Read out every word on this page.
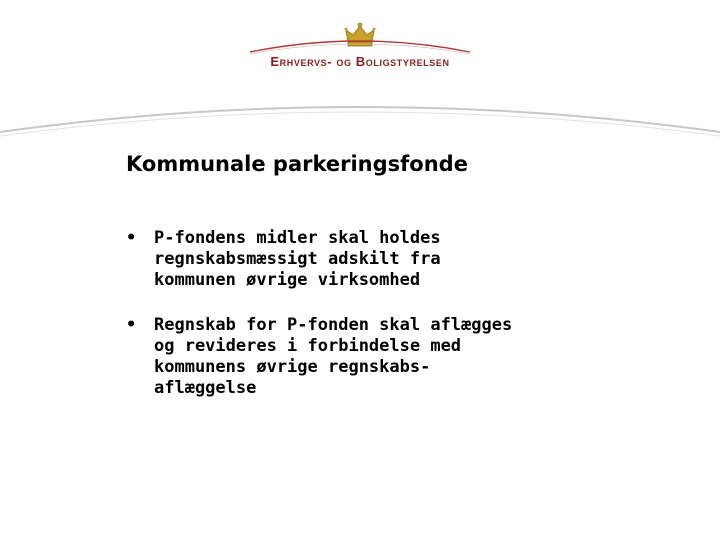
Erhvervs- og Boligstyrelsen
Kommunale parkeringsfonde
• P-fondens midler skal holdes
regnskabsmæssigt adskilt fra
kommunen øvrige virksomhed
• Regnskab for P-fonden skal aflægges
og revideres i forbindelse med
kommunens øvrige regnskabs-
aflæggelse
